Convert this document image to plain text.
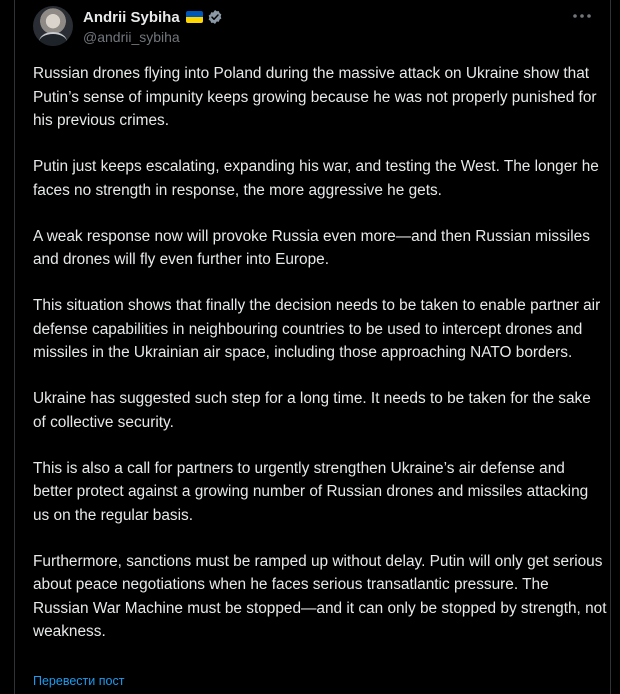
Andrii Sybiha
@andrii_sybiha

Russian drones flying into Poland during the massive attack on Ukraine show that Putin’s sense of impunity keeps growing because he was not properly punished for his previous crimes.

Putin just keeps escalating, expanding his war, and testing the West. The longer he faces no strength in response, the more aggressive he gets.

A weak response now will provoke Russia even more—and then Russian missiles and drones will fly even further into Europe.

This situation shows that finally the decision needs to be taken to enable partner air defense capabilities in neighbouring countries to be used to intercept drones and missiles in the Ukrainian air space, including those approaching NATO borders.

Ukraine has suggested such step for a long time. It needs to be taken for the sake of collective security.

This is also a call for partners to urgently strengthen Ukraine’s air defense and better protect against a growing number of Russian drones and missiles attacking us on the regular basis.

Furthermore, sanctions must be ramped up without delay. Putin will only get serious about peace negotiations when he faces serious transatlantic pressure. The Russian War Machine must be stopped—and it can only be stopped by strength, not weakness.

Перевести пост
